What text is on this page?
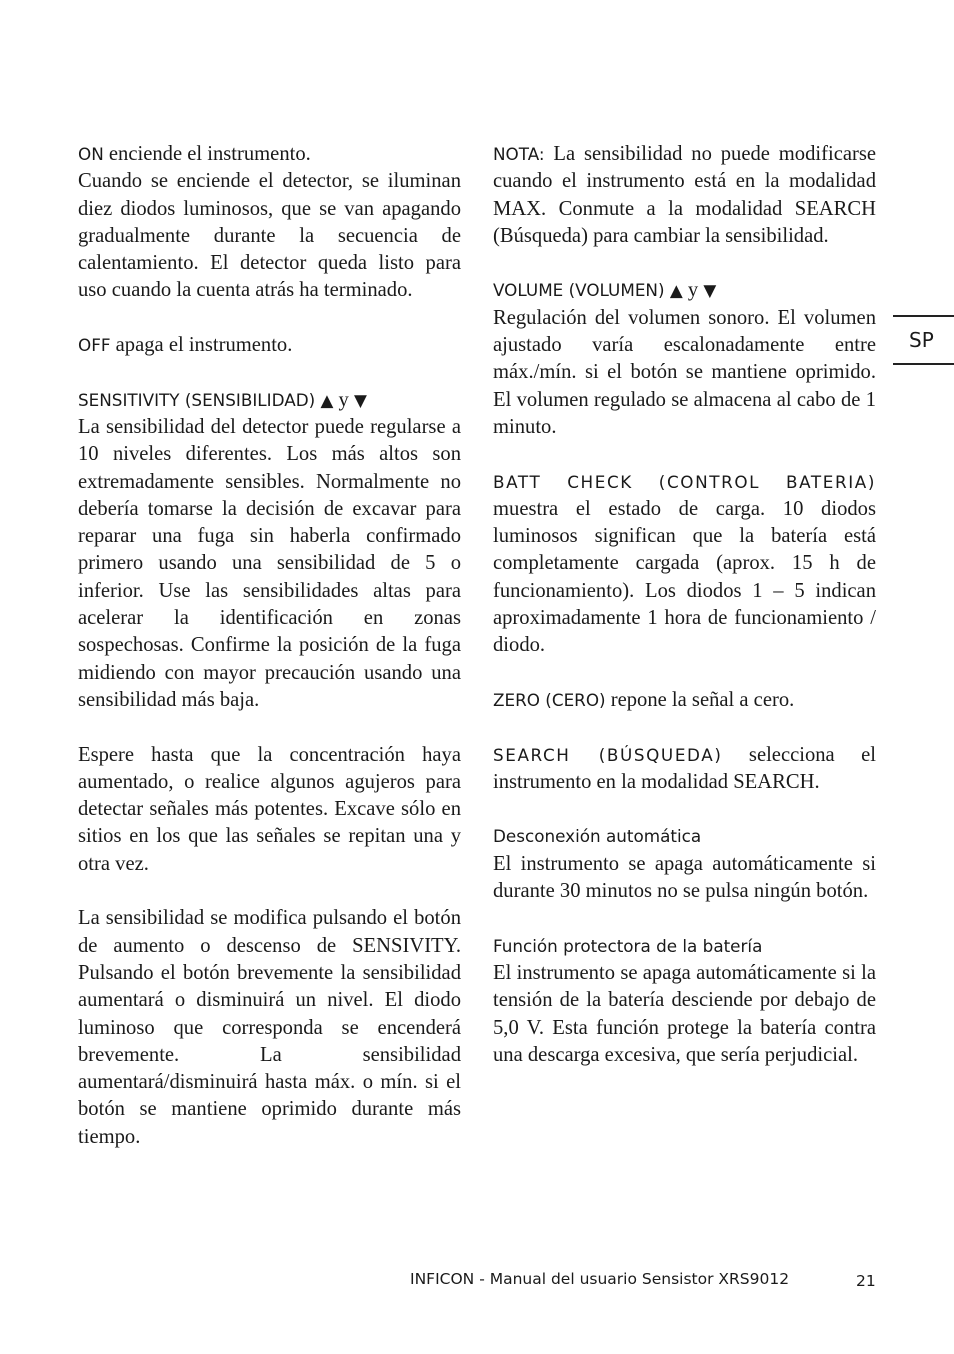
ON enciende el instrumento.
Cuando se enciende el detector, se iluminan diez diodos luminosos, que se van apagando gradualmente durante la secuencia de calentamiento. El detector queda listo para uso cuando la cuenta atrás ha terminado.

OFF apaga el instrumento.

SENSITIVITY (SENSIBILIDAD) ▲ y ▼
La sensibilidad del detector puede regularse a 10 niveles diferentes. Los más altos son extremadamente sensibles. Normalmente no debería tomarse la decisión de excavar para reparar una fuga sin haberla confirmado primero usando una sensibilidad de 5 o inferior. Use las sensibilidades altas para acelerar la identificación en zonas sospechosas. Confirme la posición de la fuga midiendo con mayor precaución usando una sensibilidad más baja.

Espere hasta que la concentración haya aumentado, o realice algunos agujeros para detectar señales más potentes. Excave sólo en sitios en los que las señales se repitan una y otra vez.

La sensibilidad se modifica pulsando el botón de aumento o descenso de SENSIVITY. Pulsando el botón brevemente la sensibilidad aumentará o disminuirá un nivel. El diodo luminoso que corresponda se encenderá brevemente. La sensibilidad aumentará/disminuirá hasta máx. o mín. si el botón se mantiene oprimido durante más tiempo.

NOTA: La sensibilidad no puede modificarse cuando el instrumento está en la modalidad MAX. Conmute a la modalidad SEARCH (Búsqueda) para cambiar la sensibilidad.

VOLUME (VOLUMEN) ▲ y ▼
Regulación del volumen sonoro. El volumen ajustado varía escalonadamente entre máx./mín. si el botón se mantiene oprimido. El volumen regulado se almacena al cabo de 1 minuto.

BATT CHECK (CONTROL BATERIA) muestra el estado de carga. 10 diodos luminosos significan que la batería está completamente cargada (aprox. 15 h de funcionamiento). Los diodos 1 – 5 indican aproximadamente 1 hora de funcionamiento / diodo.

ZERO (CERO) repone la señal a cero.

SEARCH (BÚSQUEDA) selecciona el instrumento en la modalidad SEARCH.

Desconexión automática
El instrumento se apaga automáticamente si durante 30 minutos no se pulsa ningún botón.

Función protectora de la batería
El instrumento se apaga automáticamente si la tensión de la batería desciende por debajo de 5,0 V. Esta función protege la batería contra una descarga excesiva, que sería perjudicial.

SP
INFICON - Manual del usuario Sensistor XRS9012	21
